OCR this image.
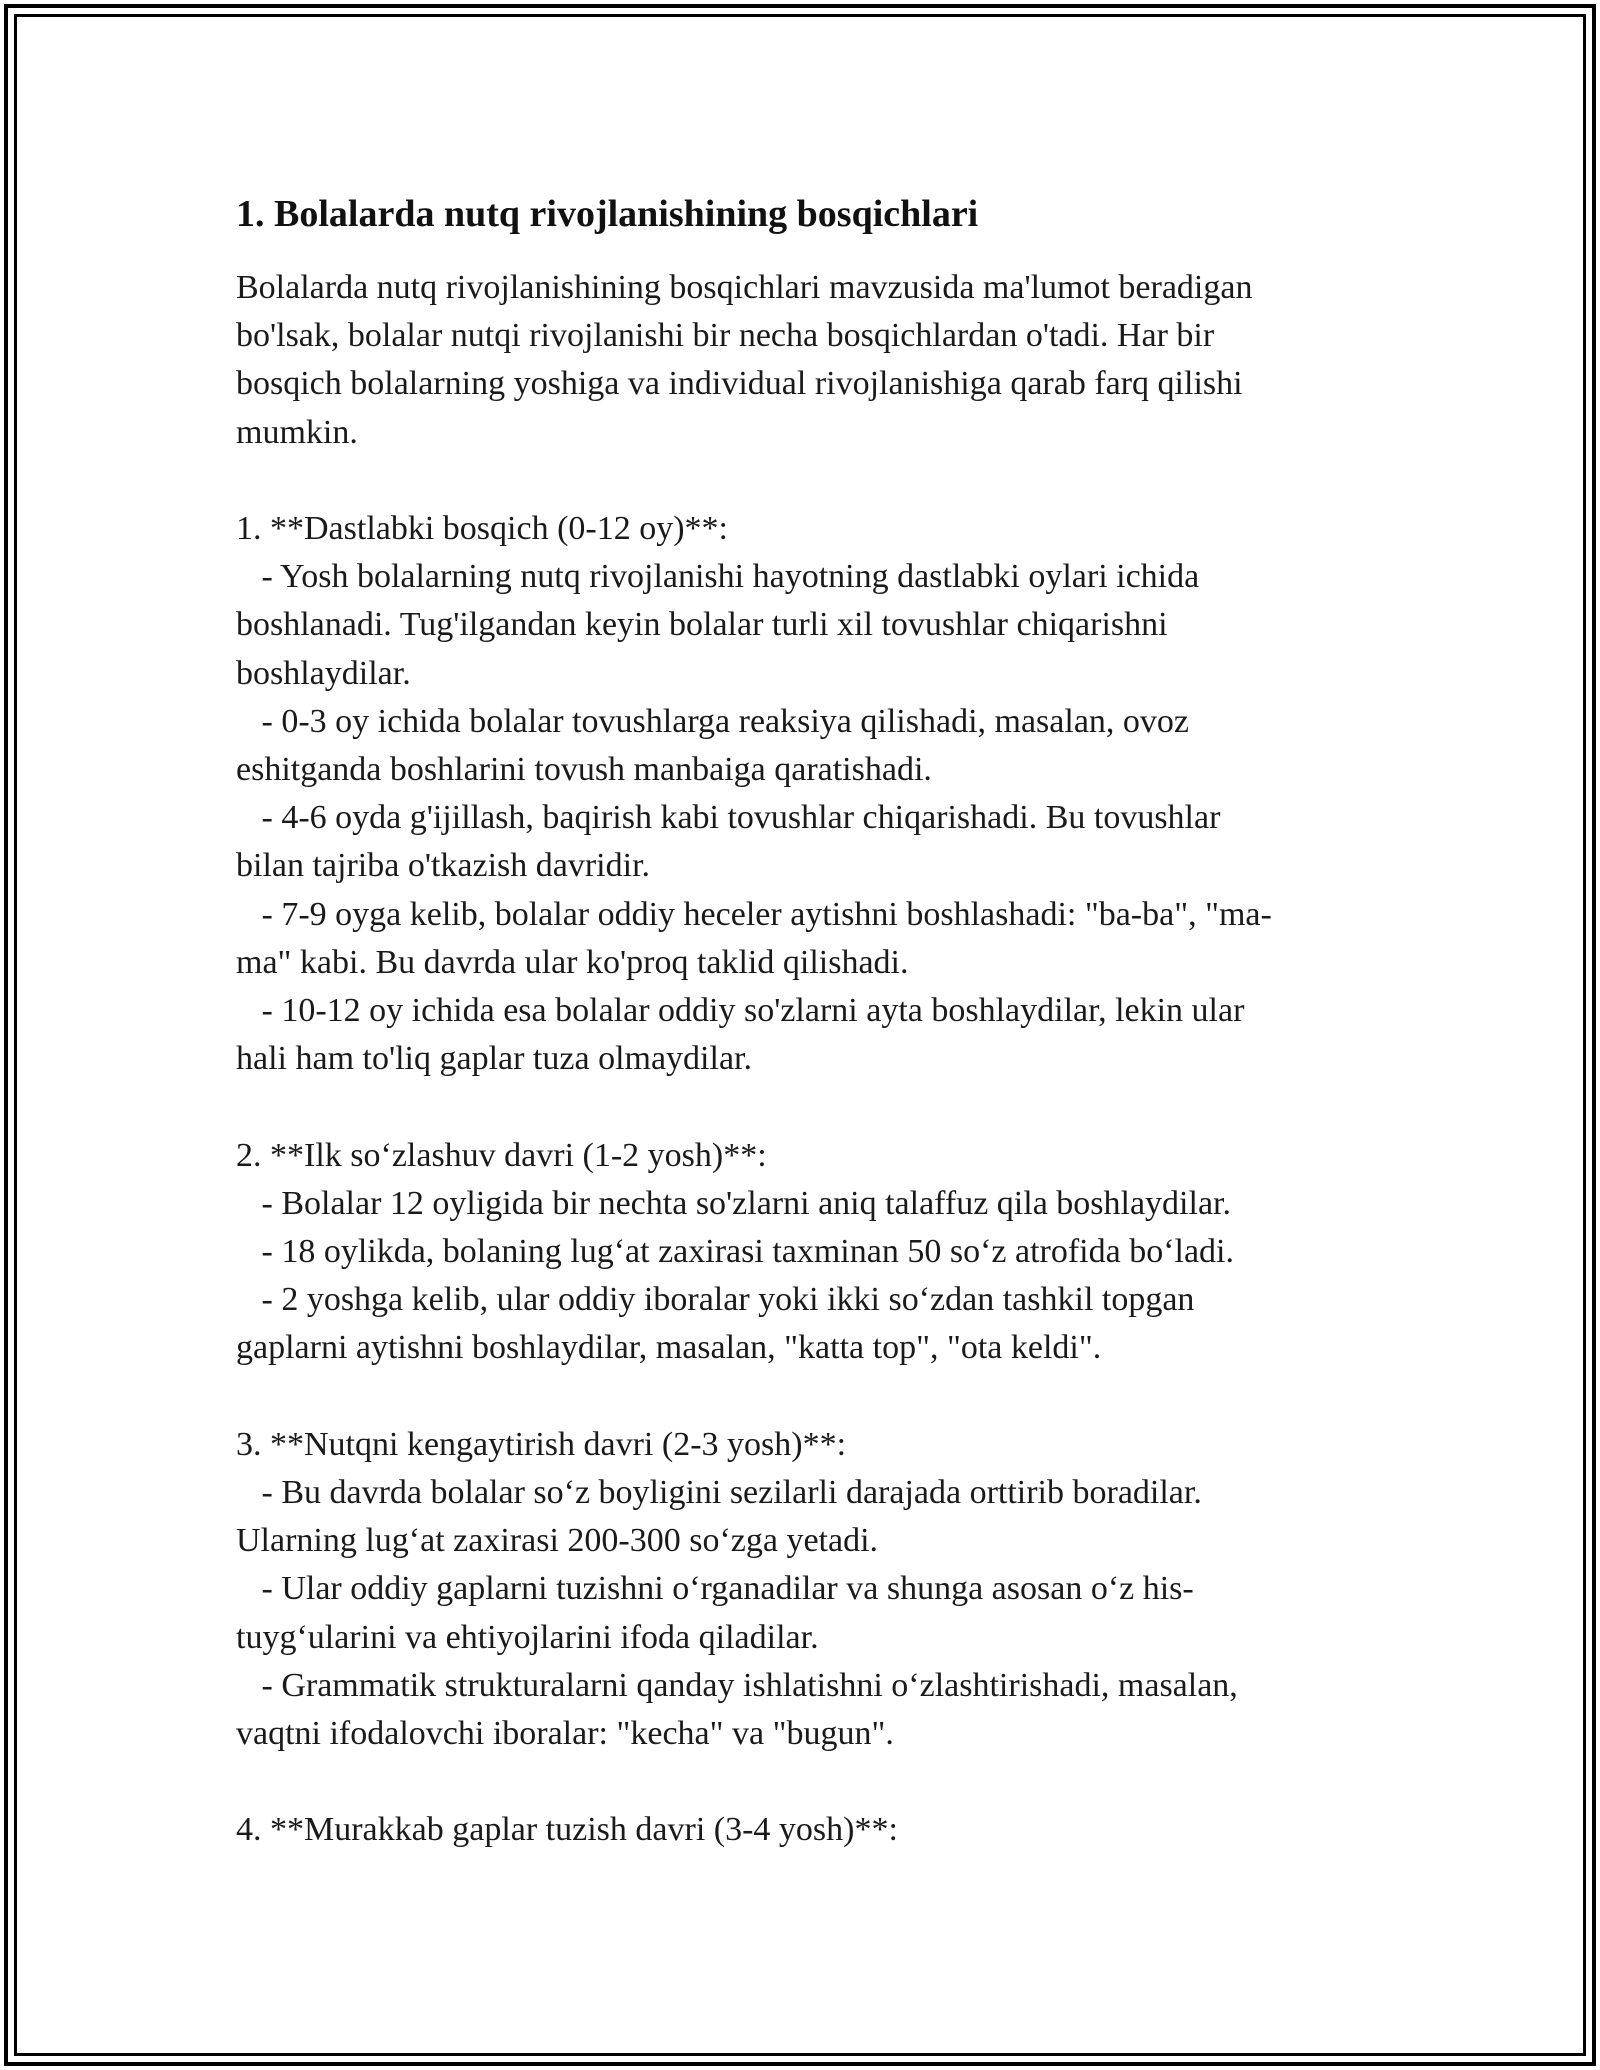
1. Bolalarda nutq rivojlanishining bosqichlari

Bolalarda nutq rivojlanishining bosqichlari mavzusida ma'lumot beradigan

bo'lsak, bolalar nutqi rivojlanishi bir necha bosqichlardan o'tadi. Har bir

bosqich bolalarning yoshiga va individual rivojlanishiga qarab farq qilishi

mumkin.

1. **Dastlabki bosqich (0-12 oy)**:

- Yosh bolalarning nutq rivojlanishi hayotning dastlabki oylari ichida

boshlanadi. Tug'ilgandan keyin bolalar turli xil tovushlar chiqarishni

boshlaydilar.

- 0-3 oy ichida bolalar tovushlarga reaksiya qilishadi, masalan, ovoz

eshitganda boshlarini tovush manbaiga qaratishadi.

- 4-6 oyda g'ijillash, baqirish kabi tovushlar chiqarishadi. Bu tovushlar

bilan tajriba o'tkazish davridir.

- 7-9 oyga kelib, bolalar oddiy heceler aytishni boshlashadi: "ba-ba", "ma-

ma" kabi. Bu davrda ular ko'proq taklid qilishadi.

- 10-12 oy ichida esa bolalar oddiy so'zlarni ayta boshlaydilar, lekin ular

hali ham to'liq gaplar tuza olmaydilar.

2. **Ilk so‘zlashuv davri (1-2 yosh)**:

- Bolalar 12 oyligida bir nechta so'zlarni aniq talaffuz qila boshlaydilar.

- 18 oylikda, bolaning lug‘at zaxirasi taxminan 50 so‘z atrofida bo‘ladi.

- 2 yoshga kelib, ular oddiy iboralar yoki ikki so‘zdan tashkil topgan

gaplarni aytishni boshlaydilar, masalan, "katta top", "ota keldi".

3. **Nutqni kengaytirish davri (2-3 yosh)**:

- Bu davrda bolalar so‘z boyligini sezilarli darajada orttirib boradilar.

Ularning lug‘at zaxirasi 200-300 so‘zga yetadi.

- Ular oddiy gaplarni tuzishni o‘rganadilar va shunga asosan o‘z his-

tuyg‘ularini va ehtiyojlarini ifoda qiladilar.

- Grammatik strukturalarni qanday ishlatishni o‘zlashtirishadi, masalan,

vaqtni ifodalovchi iboralar: "kecha" va "bugun".

4. **Murakkab gaplar tuzish davri (3-4 yosh)**:
